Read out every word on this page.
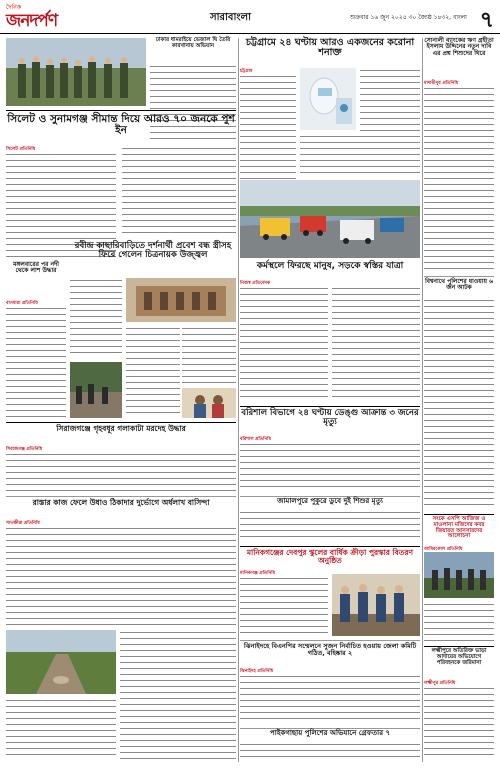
দৈনিক
জনদর্পণ	সারাবাংলা	শুক্রবার ১৬ জুন ২০২৫ ৩০ জ্যৈষ্ঠ ১৪৩২, বাংলা ৭
ঢাকার ধামরাইয়ে ভেজাল ঘি তৈরি কারখানায় অভিযান
সিলেট ও সুনামগঞ্জ সীমান্ত দিয়ে আরও ৭০ জনকে পুশ ইন
সিলেট প্রতিনিধি
চট্টগ্রামে ২৪ ঘণ্টায় আরও একজনের করোনা শনাক্ত
চট্টগ্রাম
সোনালী ব্যাংকের ঋণ গ্রহীতা ইসলাম উদ্দিনের নতুন দাবি এর প্রশ্ন শিশুদের ঘিরে
মাদারীপুর প্রতিনিধি
বিশ্বনাথে পুলিশের ধাওয়ায় ৬ জন আটক
কর্মস্থলে ফিরছে মানুষ, সড়কে স্বস্তির যাত্রা
নিজস্ব প্রতিবেদক
মঙ্গলবারের পর নদী থেকে লাশ উদ্ধার
বাগমারা প্রতিনিধি
রবীন্দ্র কাছারিবাড়িতে দর্শনার্থী প্রবেশ বন্ধ স্ত্রীসহ ফিরে গেলেন চিত্রনায়ক উজ্জ্বল
বরিশাল বিভাগে ২৪ ঘণ্টায় ডেঙ্গু আক্রান্ত ৩ জনের মৃত্যু
বরিশাল প্রতিনিধি
জামালপুরে পুকুরে ডুবে দুই শিশুর মৃত্যু
সিরাজগঞ্জে গৃহবধূর গলাকাটা মরদেহ উদ্ধার
সিরাজগঞ্জ প্রতিনিধি
রাস্তার কাজ ফেলে উধাও ঠিকাদার দুর্ভোগে অর্ধলাখ বাসিন্দা
সাতক্ষীরা প্রতিনিধি
মানিকগঞ্জের দেবপুর স্কুলের বার্ষিক ক্রীড়া পুরস্কার বিতরণ অনুষ্ঠিত
মানিকগঞ্জ প্রতিনিধি
ঝিনাইদহে বিএনপির সম্মেলনে সুজন নির্বাচিত হওয়ায় জেলা কমিটি গঠিত, বহিষ্কার ২
ঝিনাইদহ প্রতিনিধি
পাইকগাছায় পুলিশের অভিযানে গ্রেফতার ৭
সংকে এসপি আজিজ ও মাওলানা মজিদের কবর জিয়ারত আনসারদের আলোচনা
আমিরকোল প্রতিনিধি
লক্ষ্মীপুরে অতিরিক্ত ভাড়া আদায়ের অভিযোগে পরিবহনকে জরিমানা
লক্ষ্মীপুর প্রতিনিধি
